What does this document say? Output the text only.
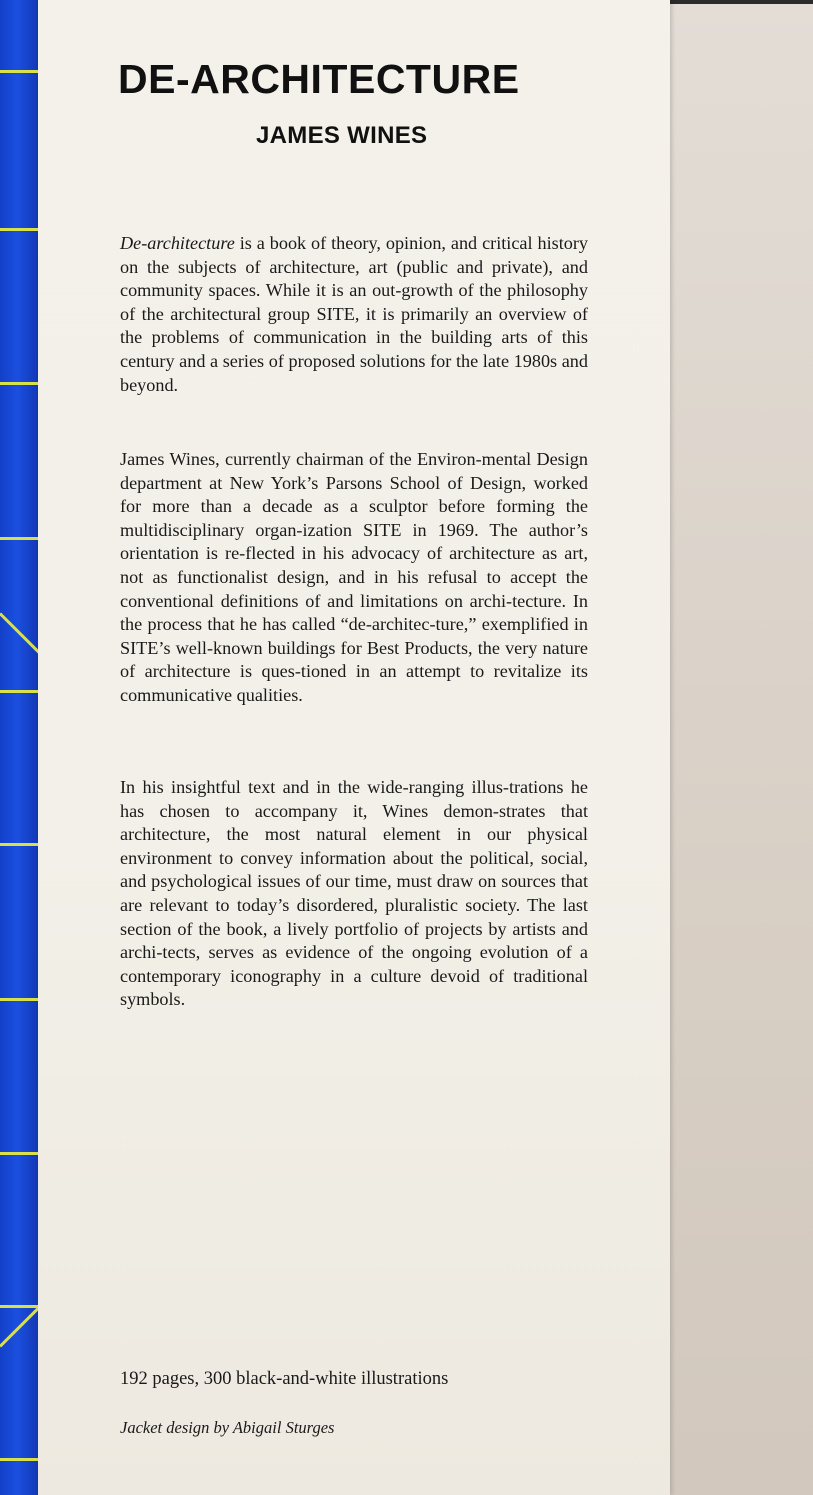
DE-ARCHITECTURE
JAMES WINES

De-architecture is a book of theory, opinion, and critical history on the subjects of architecture, art (public and private), and community spaces. While it is an out-growth of the philosophy of the architectural group SITE, it is primarily an overview of the problems of communication in the building arts of this century and a series of proposed solutions for the late 1980s and beyond.

James Wines, currently chairman of the Environ-mental Design department at New York’s Parsons School of Design, worked for more than a decade as a sculptor before forming the multidisciplinary organ-ization SITE in 1969. The author’s orientation is re-flected in his advocacy of architecture as art, not as functionalist design, and in his refusal to accept the conventional definitions of and limitations on archi-tecture. In the process that he has called “de-architec-ture,” exemplified in SITE’s well-known buildings for Best Products, the very nature of architecture is ques-tioned in an attempt to revitalize its communicative qualities.

In his insightful text and in the wide-ranging illus-trations he has chosen to accompany it, Wines demon-strates that architecture, the most natural element in our physical environment to convey information about the political, social, and psychological issues of our time, must draw on sources that are relevant to today’s disordered, pluralistic society. The last section of the book, a lively portfolio of projects by artists and archi-tects, serves as evidence of the ongoing evolution of a contemporary iconography in a culture devoid of traditional symbols.

192 pages, 300 black-and-white illustrations

Jacket design by Abigail Sturges
